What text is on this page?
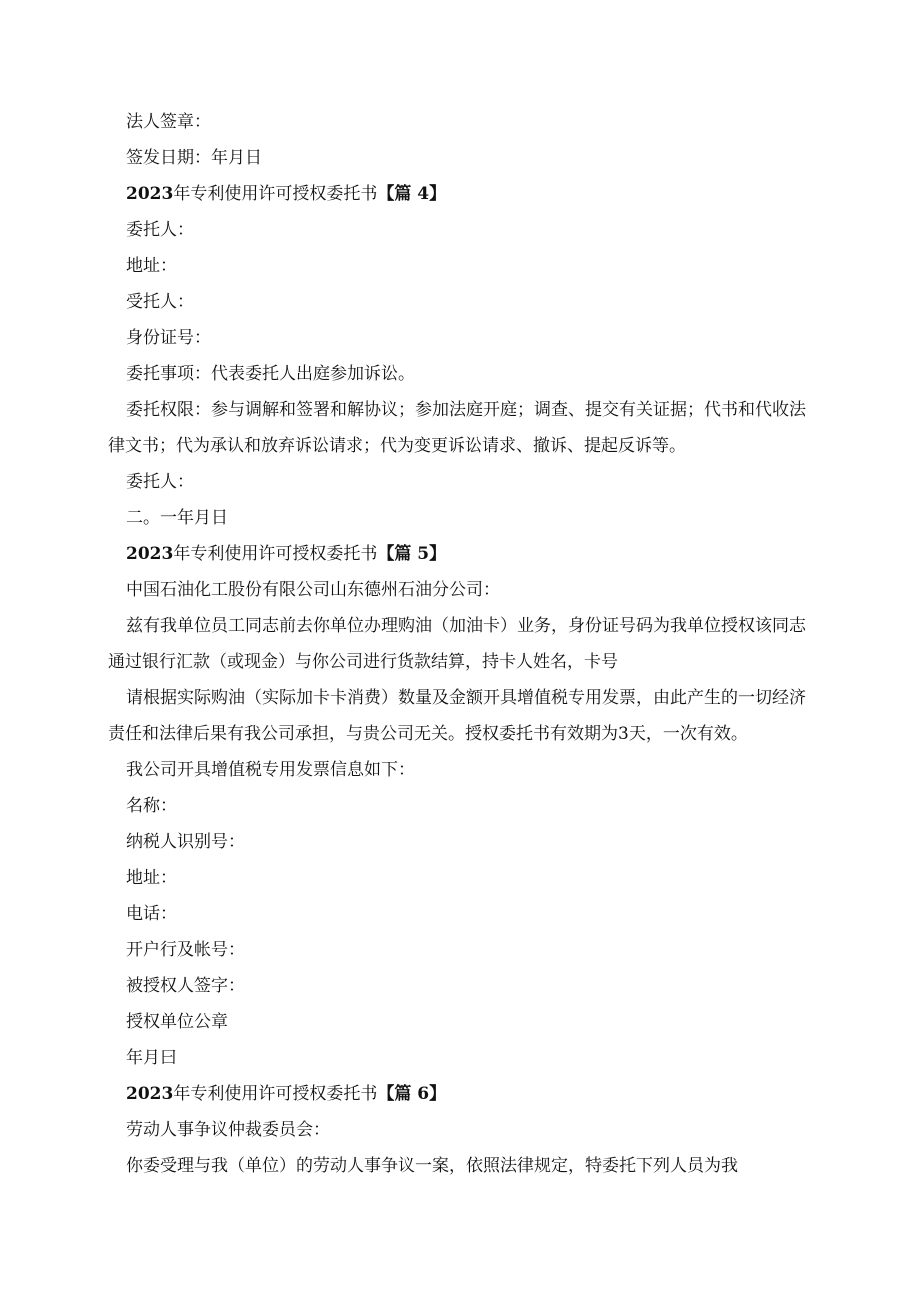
法人签章：
签发日期：年月日
2023年专利使用许可授权委托书【篇 4】
委托人：
地址：
受托人：
身份证号：
委托事项：代表委托人出庭参加诉讼。
委托权限：参与调解和签署和解协议；参加法庭开庭；调查、提交有关证据；代书和代收法
律文书；代为承认和放弃诉讼请求；代为变更诉讼请求、撤诉、提起反诉等。
委托人：
二。一年月日
2023年专利使用许可授权委托书【篇 5】
中国石油化工股份有限公司山东德州石油分公司：
兹有我单位员工同志前去你单位办理购油（加油卡）业务，身份证号码为我单位授权该同志
通过银行汇款（或现金）与你公司进行货款结算，持卡人姓名，卡号
请根据实际购油（实际加卡卡消费）数量及金额开具增值税专用发票，由此产生的一切经济
责任和法律后果有我公司承担，与贵公司无关。授权委托书有效期为3天，一次有效。
我公司开具增值税专用发票信息如下：
名称：
纳税人识别号：
地址：
电话：
开户行及帐号：
被授权人签字：
授权单位公章
年月曰
2023年专利使用许可授权委托书【篇 6】
劳动人事争议仲裁委员会：
你委受理与我（单位）的劳动人事争议一案，依照法律规定，特委托下列人员为我
